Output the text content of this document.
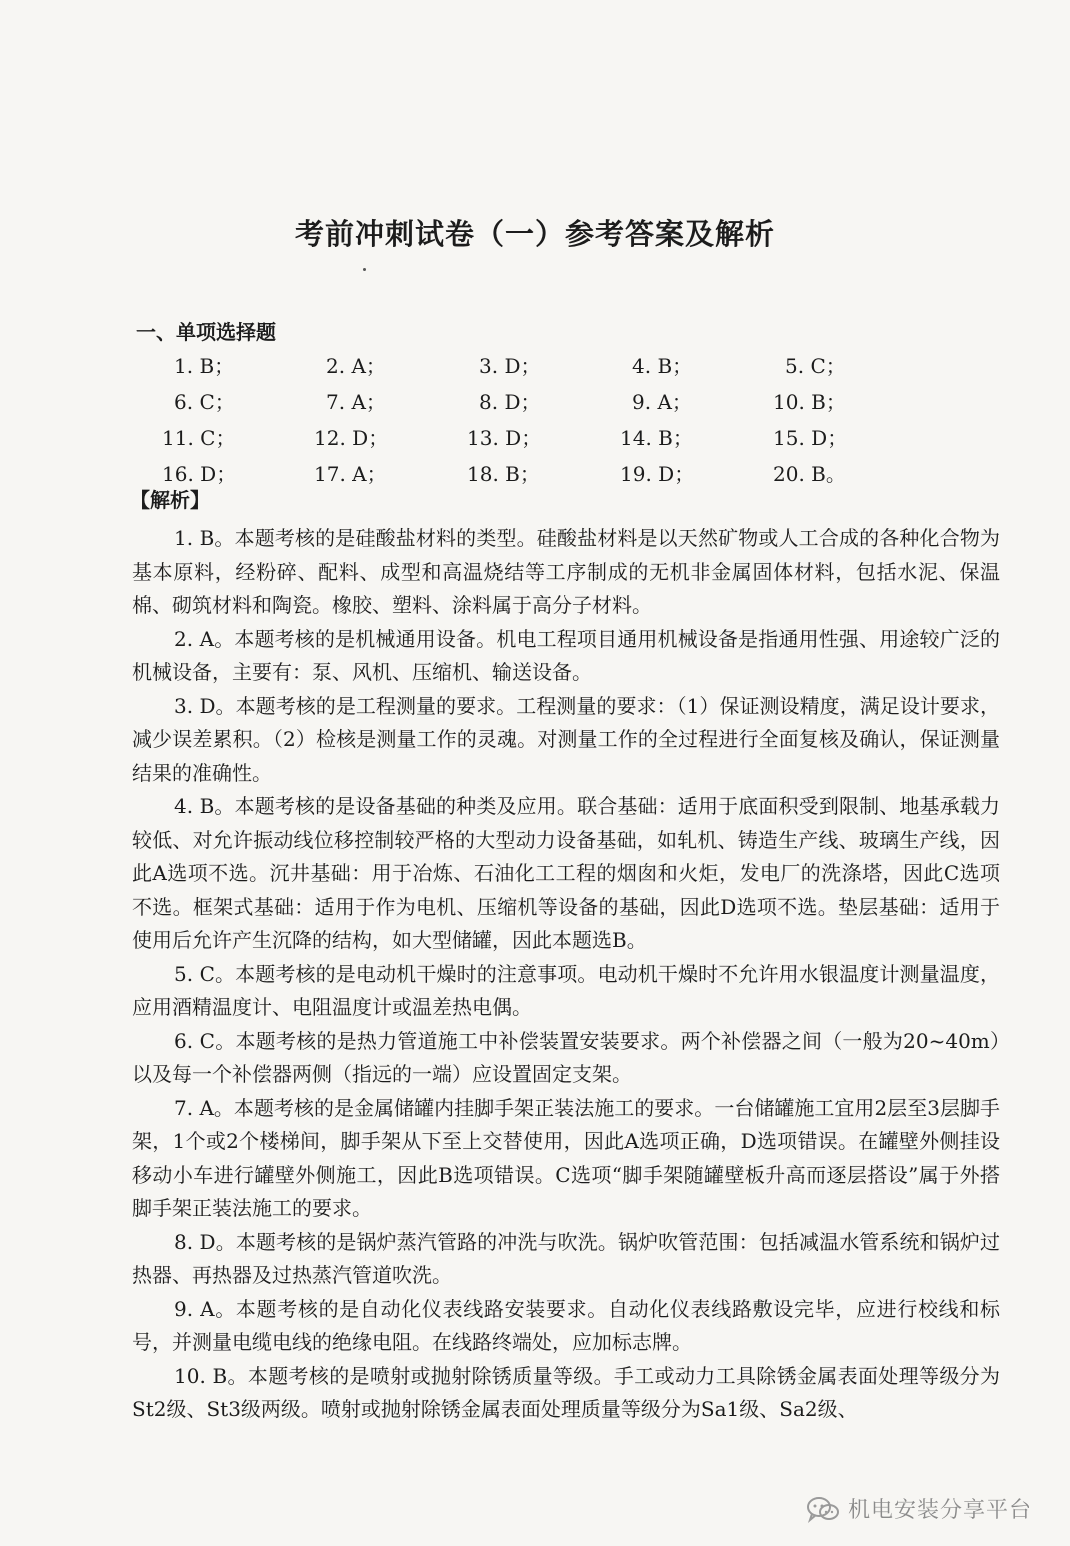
考前冲刺试卷（一）参考答案及解析
一、单项选择题
1. B；	2. A；	3. D；	4. B；	5. C；
6. C；	7. A；	8. D；	9. A；	10. B；
11. C；	12. D；	13. D；	14. B；	15. D；
16. D；	17. A；	18. B；	19. D；	20. B。
【解析】

1. B。本题考核的是硅酸盐材料的类型。硅酸盐材料是以天然矿物或人工合成的各种化合物为基本原料，经粉碎、配料、成型和高温烧结等工序制成的无机非金属固体材料，包括水泥、保温棉、砌筑材料和陶瓷。橡胶、塑料、涂料属于高分子材料。

2. A。本题考核的是机械通用设备。机电工程项目通用机械设备是指通用性强、用途较广泛的机械设备，主要有：泵、风机、压缩机、输送设备。

3. D。本题考核的是工程测量的要求。工程测量的要求：（1）保证测设精度，满足设计要求，减少误差累积。（2）检核是测量工作的灵魂。对测量工作的全过程进行全面复核及确认，保证测量结果的准确性。

4. B。本题考核的是设备基础的种类及应用。联合基础：适用于底面积受到限制、地基承载力较低、对允许振动线位移控制较严格的大型动力设备基础，如轧机、铸造生产线、玻璃生产线，因此A选项不选。沉井基础：用于冶炼、石油化工工程的烟囱和火炬，发电厂的洗涤塔，因此C选项不选。框架式基础：适用于作为电机、压缩机等设备的基础，因此D选项不选。垫层基础：适用于使用后允许产生沉降的结构，如大型储罐，因此本题选B。

5. C。本题考核的是电动机干燥时的注意事项。电动机干燥时不允许用水银温度计测量温度，应用酒精温度计、电阻温度计或温差热电偶。

6. C。本题考核的是热力管道施工中补偿装置安装要求。两个补偿器之间（一般为20~40m）以及每一个补偿器两侧（指远的一端）应设置固定支架。

7. A。本题考核的是金属储罐内挂脚手架正装法施工的要求。一台储罐施工宜用2层至3层脚手架，1个或2个楼梯间，脚手架从下至上交替使用，因此A选项正确，D选项错误。在罐壁外侧挂设移动小车进行罐壁外侧施工，因此B选项错误。C选项“脚手架随罐壁板升高而逐层搭设”属于外搭脚手架正装法施工的要求。

8. D。本题考核的是锅炉蒸汽管路的冲洗与吹洗。锅炉吹管范围：包括减温水管系统和锅炉过热器、再热器及过热蒸汽管道吹洗。

9. A。本题考核的是自动化仪表线路安装要求。自动化仪表线路敷设完毕，应进行校线和标号，并测量电缆电线的绝缘电阻。在线路终端处，应加标志牌。

10. B。本题考核的是喷射或抛射除锈质量等级。手工或动力工具除锈金属表面处理等级分为St2级、St3级两级。喷射或抛射除锈金属表面处理质量等级分为Sa1级、Sa2级、

机电安装分享平台
